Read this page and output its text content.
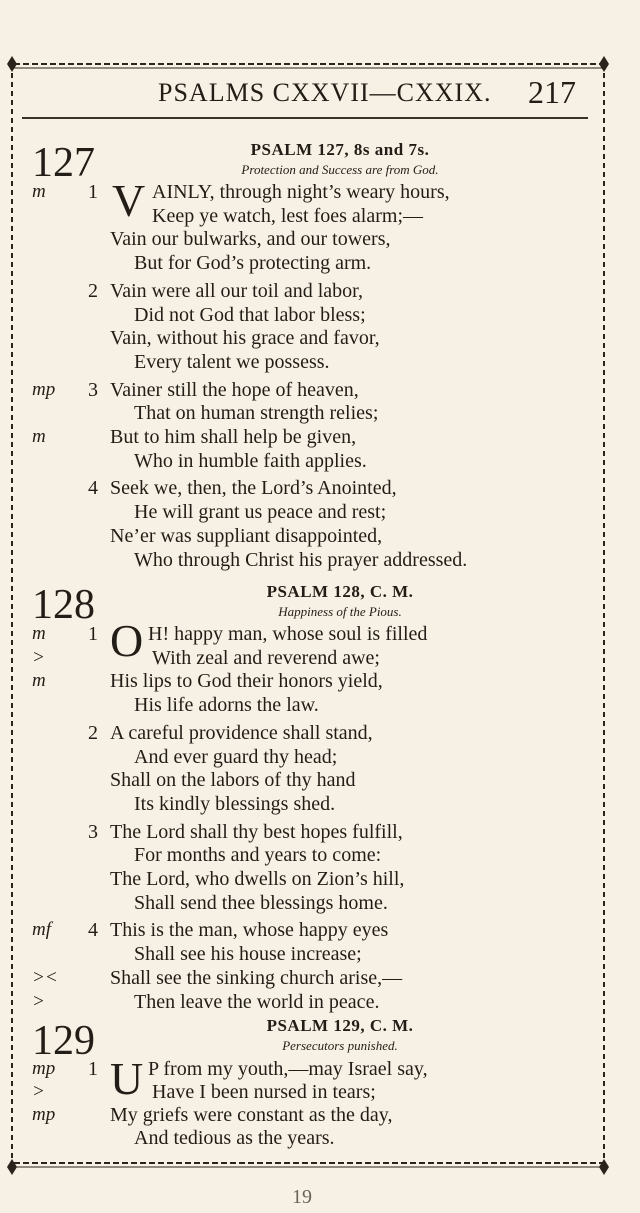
PSALMS CXXVII—CXXIX. 217
127	PSALM 127, 8s and 7s.
Protection and Success are from God.
V
m 1	AINLY, through night’s weary hours,
Keep ye watch, lest foes alarm;—
Vain our bulwarks, and our towers,
But for God’s protecting arm.
2 Vain were all our toil and labor,
Did not God that labor bless;
Vain, without his grace and favor,
Every talent we possess.
mp 3 Vainer still the hope of heaven,
That on human strength relies;
m	But to him shall help be given,
Who in humble faith applies.
4 Seek we, then, the Lord’s Anointed,
He will grant us peace and rest;
Ne’er was suppliant disappointed,
Who through Christ his prayer addressed.
128	PSALM 128, C. M.
Happiness of the Pious.
O
m 1	H! happy man, whose soul is filled
>	With zeal and reverend awe;
m	His lips to God their honors yield,
His life adorns the law.
2 A careful providence shall stand,
And ever guard thy head;
Shall on the labors of thy hand
Its kindly blessings shed.
3 The Lord shall thy best hopes fulfill,
For months and years to come:
The Lord, who dwells on Zion’s hill,
Shall send thee blessings home.
mf 4 This is the man, whose happy eyes
Shall see his house increase;
><	Shall see the sinking church arise,—
>	Then leave the world in peace.
129	PSALM 129, C. M.
Persecutors punished.
U
mp 1	P from my youth,—may Israel say,
>	Have I been nursed in tears;
mp	My griefs were constant as the day,
And tedious as the years.
19
